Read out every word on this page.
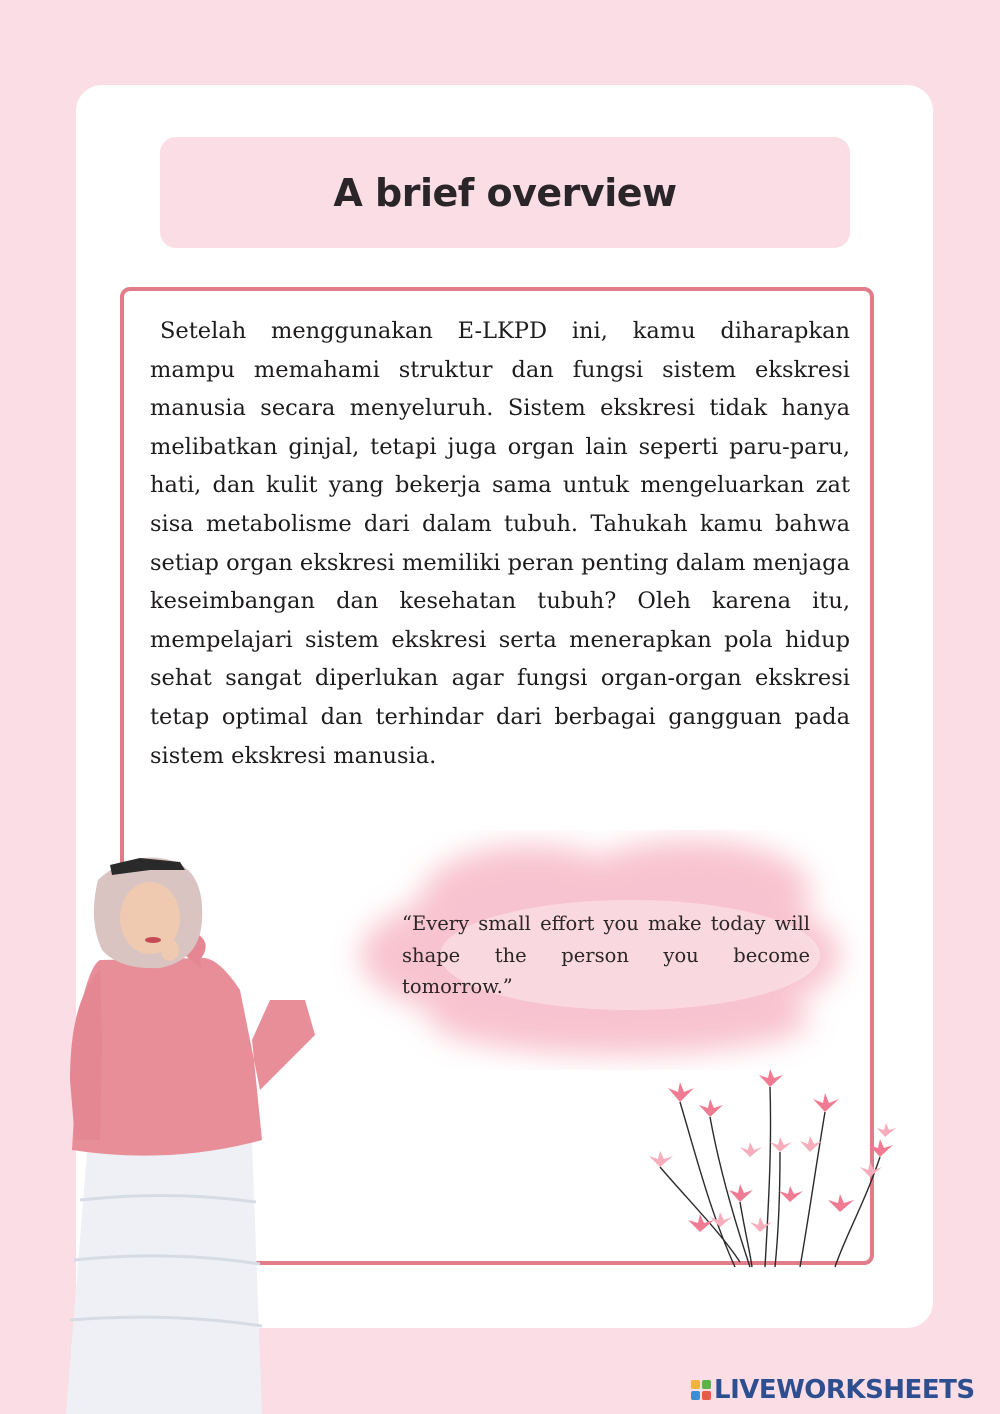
A brief overview

Setelah menggunakan E-LKPD ini, kamu diharapkan mampu memahami struktur dan fungsi sistem ekskresi manusia secara menyeluruh. Sistem ekskresi tidak hanya melibatkan ginjal, tetapi juga organ lain seperti paru-paru, hati, dan kulit yang bekerja sama untuk mengeluarkan zat sisa metabolisme dari dalam tubuh. Tahukah kamu bahwa setiap organ ekskresi memiliki peran penting dalam menjaga keseimbangan dan kesehatan tubuh? Oleh karena itu, mempelajari sistem ekskresi serta menerapkan pola hidup sehat sangat diperlukan agar fungsi organ-organ ekskresi tetap optimal dan terhindar dari berbagai gangguan pada sistem ekskresi manusia.

“Every small effort you make today will shape the person you become tomorrow.”

LIVEWORKSHEETS
